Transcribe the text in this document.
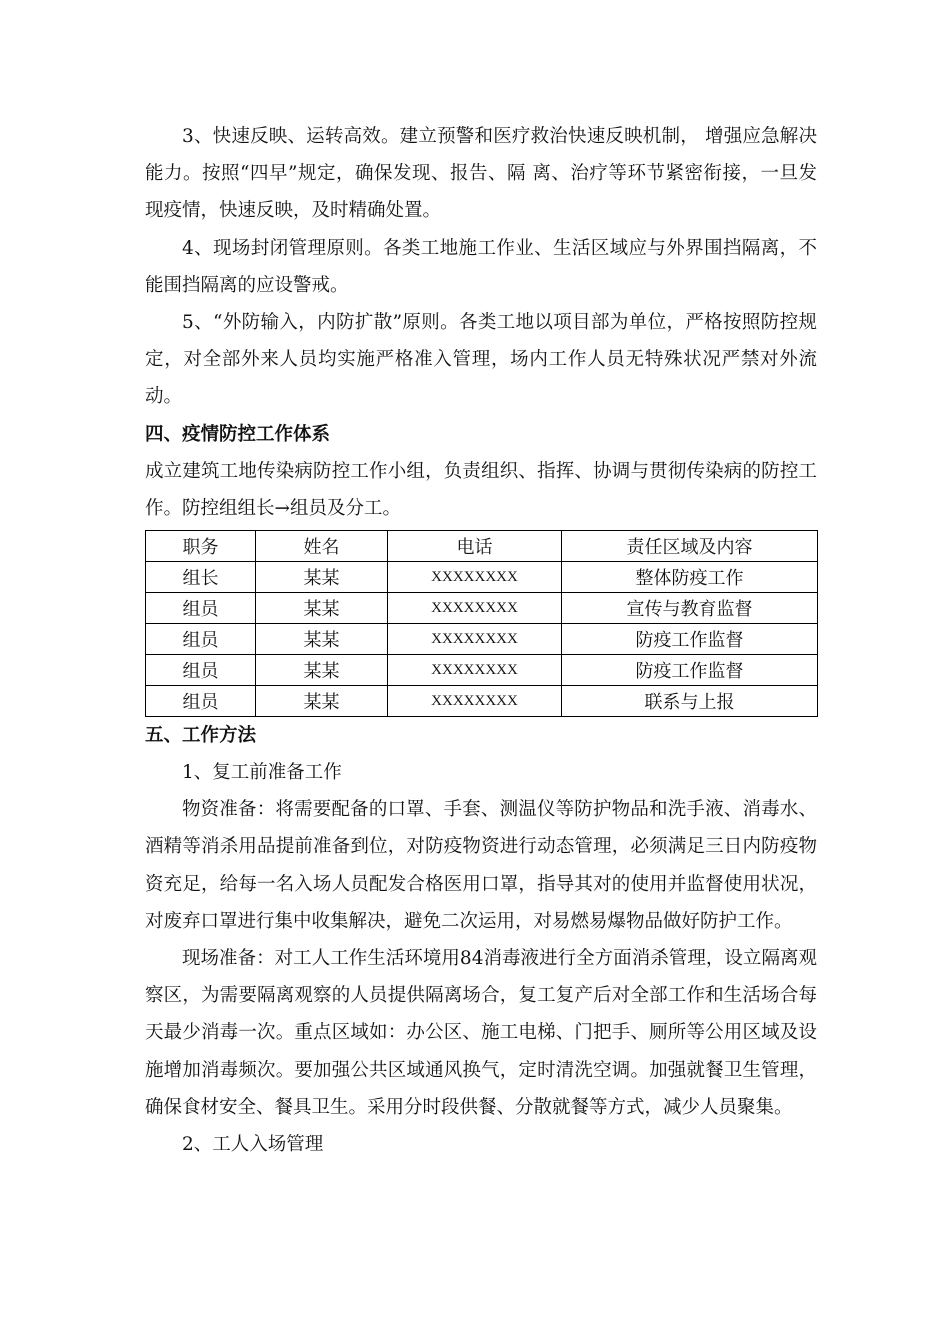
3、快速反映、运转高效。建立预警和医疗救治快速反映机制， 增强应急解决能力。按照“四早”规定，确保发现、报告、隔 离、治疗等环节紧密衔接，一旦发现疫情，快速反映，及时精确处置。

4、现场封闭管理原则。各类工地施工作业、生活区域应与外界围挡隔离，不能围挡隔离的应设警戒。

5、“外防输入，内防扩散”原则。各类工地以项目部为单位，严格按照防控规定，对全部外来人员均实施严格准入管理，场内工作人员无特殊状况严禁对外流动。

四、疫情防控工作体系

成立建筑工地传染病防控工作小组，负责组织、指挥、协调与贯彻传染病的防控工作。防控组组长→组员及分工。

职务	姓名	电话	责任区域及内容
组长	某某	XXXXXXXX	整体防疫工作
组员	某某	XXXXXXXX	宣传与教育监督
组员	某某	XXXXXXXX	防疫工作监督
组员	某某	XXXXXXXX	防疫工作监督
组员	某某	XXXXXXXX	联系与上报
五、工作方法

1、复工前准备工作

物资准备：将需要配备的口罩、手套、测温仪等防护物品和洗手液、消毒水、酒精等消杀用品提前准备到位，对防疫物资进行动态管理，必须满足三日内防疫物资充足，给每一名入场人员配发合格医用口罩，指导其对的使用并监督使用状况，对废弃口罩进行集中收集解决，避免二次运用，对易燃易爆物品做好防护工作。

现场准备：对工人工作生活环境用84消毒液进行全方面消杀管理，设立隔离观察区，为需要隔离观察的人员提供隔离场合，复工复产后对全部工作和生活场合每天最少消毒一次。重点区域如：办公区、施工电梯、门把手、厕所等公用区域及设施增加消毒频次。要加强公共区域通风换气，定时清洗空调。加强就餐卫生管理，确保食材安全、餐具卫生。采用分时段供餐、分散就餐等方式，减少人员聚集。

2、工人入场管理
